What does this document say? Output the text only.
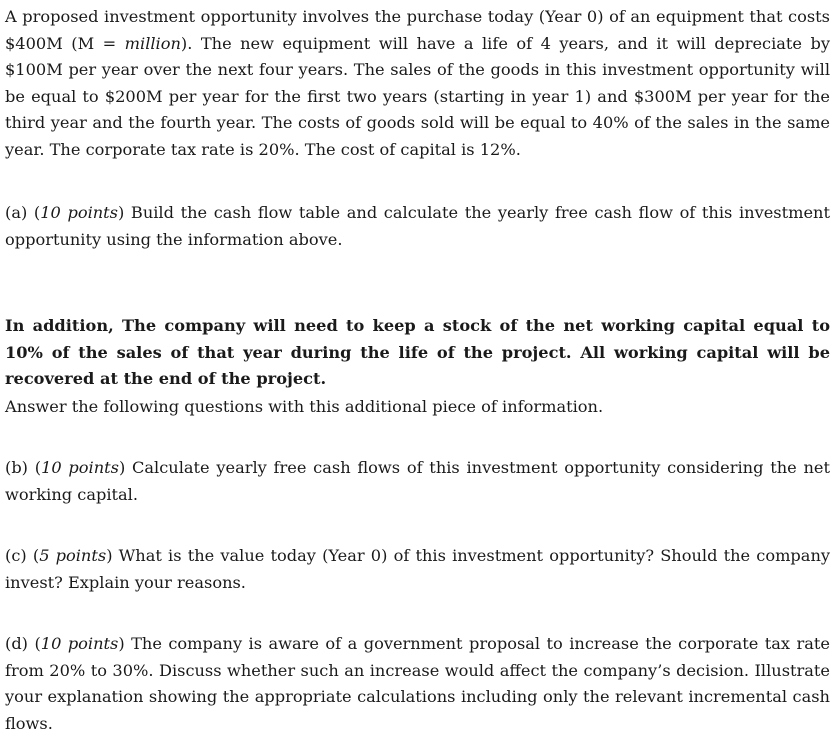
A proposed investment opportunity involves the purchase today (Year 0) of an equipment that costs $400M (M = million). The new equipment will have a life of 4 years, and it will depreciate by $100M per year over the next four years. The sales of the goods in this investment opportunity will be equal to $200M per year for the first two years (starting in year 1) and $300M per year for the third year and the fourth year. The costs of goods sold will be equal to 40% of the sales in the same year. The corporate tax rate is 20%. The cost of capital is 12%.

(a) (10 points) Build the cash flow table and calculate the yearly free cash flow of this investment opportunity using the information above.

In addition, The company will need to keep a stock of the net working capital equal to 10% of the sales of that year during the life of the project. All working capital will be recovered at the end of the project.

Answer the following questions with this additional piece of information.

(b) (10 points) Calculate yearly free cash flows of this investment opportunity considering the net working capital.

(c) (5 points) What is the value today (Year 0) of this investment opportunity? Should the company invest? Explain your reasons.

(d) (10 points) The company is aware of a government proposal to increase the corporate tax rate from 20% to 30%. Discuss whether such an increase would affect the company’s decision. Illustrate your explanation showing the appropriate calculations including only the relevant incremental cash flows.
